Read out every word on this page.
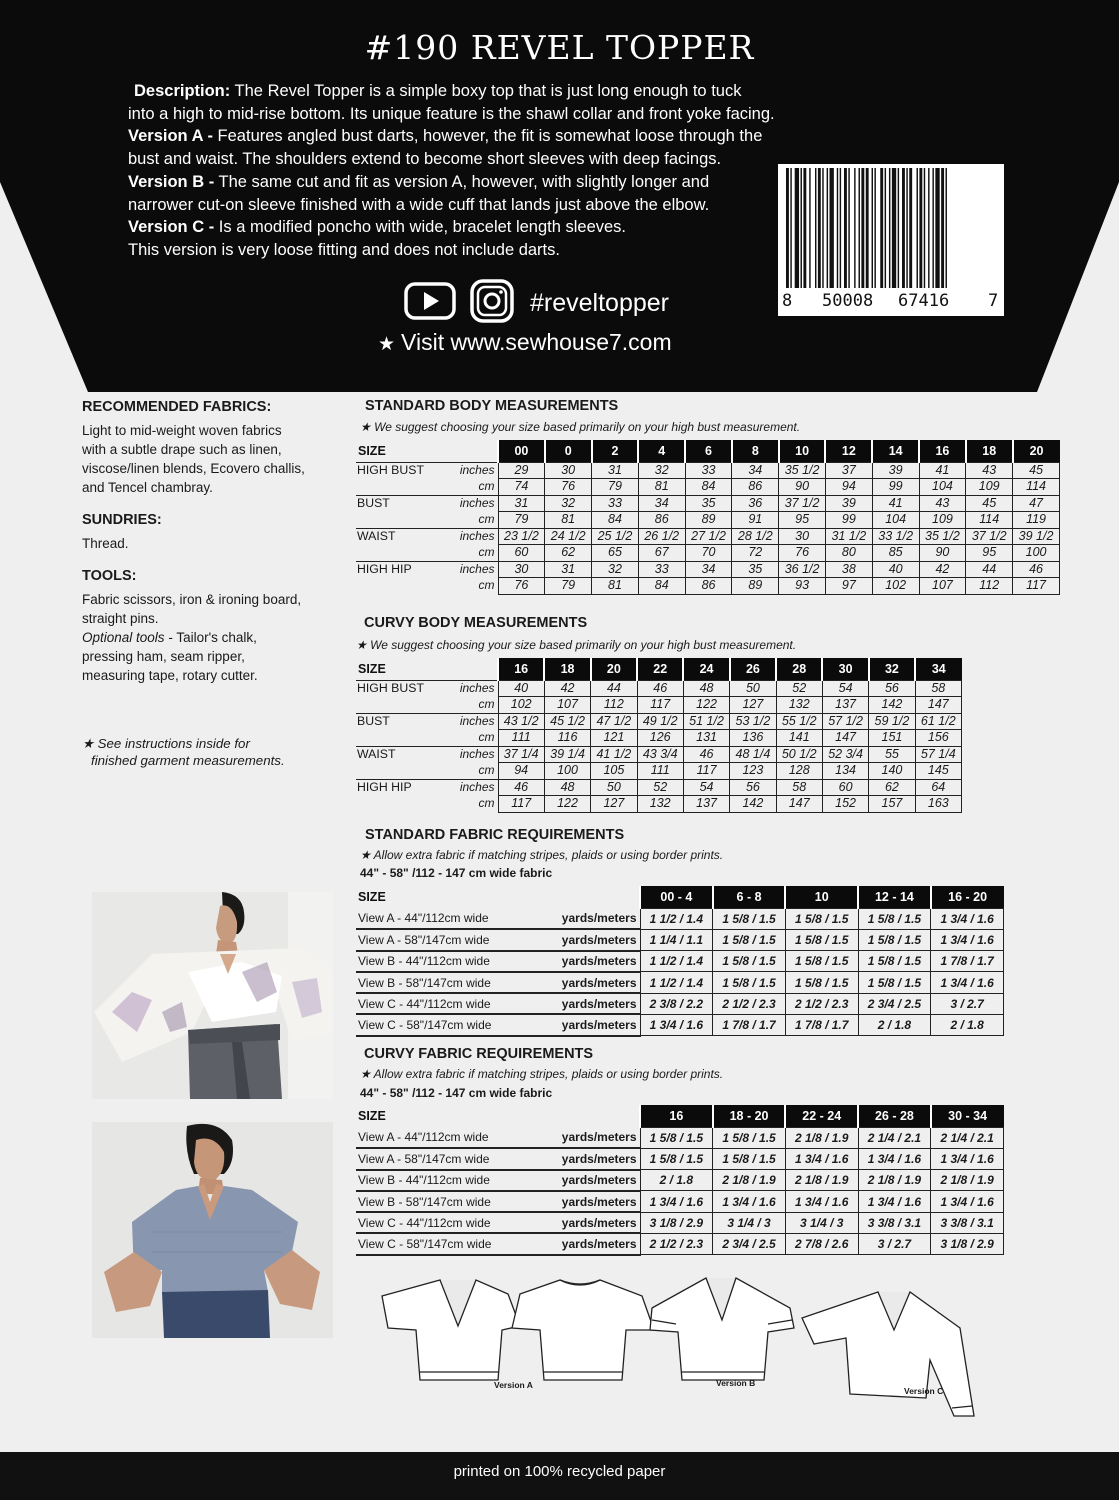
#190 REVEL TOPPER

Description: The Revel Topper is a simple boxy top that is just long enough to tuck

into a high to mid-rise bottom. Its unique feature is the shawl collar and front yoke facing.

Version A - Features angled bust darts, however, the fit is somewhat loose through the

bust and waist. The shoulders extend to become short sleeves with deep facings.

Version B - The same cut and fit as version A, however, with slightly longer and

narrower cut-on sleeve finished with a wide cuff that lands just above the elbow.

Version C - Is a modified poncho with wide, bracelet length sleeves.

This version is very loose fitting and does not include darts.

8 50008 67416 7
#reveltopper
★ Visit www.sewhouse7.com
RECOMMENDED FABRICS:

Light to mid-weight woven fabrics

with a subtle drape such as linen,

viscose/linen blends, Ecovero challis,

and Tencel chambray.

SUNDRIES:

Thread.

TOOLS:

Fabric scissors, iron & ironing board,

straight pins.

Optional tools - Tailor's chalk,

pressing ham, seam ripper,

measuring tape, rotary cutter.

★ See instructions inside for

finished garment measurements.

STANDARD BODY MEASUREMENTS
★ We suggest choosing your size based primarily on your high bust measurement.
SIZE		00	0	2	4	6	8	10	12	14	16	18	20
HIGH BUST	inches	29	30	31	32	33	34	35 1/2	37	39	41	43	45
	cm	74	76	79	81	84	86	90	94	99	104	109	114
BUST	inches	31	32	33	34	35	36	37 1/2	39	41	43	45	47
	cm	79	81	84	86	89	91	95	99	104	109	114	119
WAIST	inches	23 1/2	24 1/2	25 1/2	26 1/2	27 1/2	28 1/2	30	31 1/2	33 1/2	35 1/2	37 1/2	39 1/2
	cm	60	62	65	67	70	72	76	80	85	90	95	100
HIGH HIP	inches	30	31	32	33	34	35	36 1/2	38	40	42	44	46
	cm	76	79	81	84	86	89	93	97	102	107	112	117
CURVY BODY MEASUREMENTS
★ We suggest choosing your size based primarily on your high bust measurement.
SIZE		16	18	20	22	24	26	28	30	32	34
HIGH BUST	inches	40	42	44	46	48	50	52	54	56	58
	cm	102	107	112	117	122	127	132	137	142	147
BUST	inches	43 1/2	45 1/2	47 1/2	49 1/2	51 1/2	53 1/2	55 1/2	57 1/2	59 1/2	61 1/2
	cm	111	116	121	126	131	136	141	147	151	156
WAIST	inches	37 1/4	39 1/4	41 1/2	43 3/4	46	48 1/4	50 1/2	52 3/4	55	57 1/4
	cm	94	100	105	111	117	123	128	134	140	145
HIGH HIP	inches	46	48	50	52	54	56	58	60	62	64
	cm	117	122	127	132	137	142	147	152	157	163
STANDARD FABRIC REQUIREMENTS
★ Allow extra fabric if matching stripes, plaids or using border prints.
44" - 58" /112 - 147 cm wide fabric
SIZE		00 - 4	6 - 8	10	12 - 14	16 - 20
View A - 44"/112cm wide	yards/meters	1 1/2 / 1.4	1 5/8 / 1.5	1 5/8 / 1.5	1 5/8 / 1.5	1 3/4 / 1.6
View A - 58"/147cm wide	yards/meters	1 1/4 / 1.1	1 5/8 / 1.5	1 5/8 / 1.5	1 5/8 / 1.5	1 3/4 / 1.6
View B - 44"/112cm wide	yards/meters	1 1/2 / 1.4	1 5/8 / 1.5	1 5/8 / 1.5	1 5/8 / 1.5	1 7/8 / 1.7
View B - 58"/147cm wide	yards/meters	1 1/2 / 1.4	1 5/8 / 1.5	1 5/8 / 1.5	1 5/8 / 1.5	1 3/4 / 1.6
View C - 44"/112cm wide	yards/meters	2 3/8 / 2.2	2 1/2 / 2.3	2 1/2 / 2.3	2 3/4 / 2.5	3 / 2.7
View C - 58"/147cm wide	yards/meters	1 3/4 / 1.6	1 7/8 / 1.7	1 7/8 / 1.7	2 / 1.8	2 / 1.8
CURVY FABRIC REQUIREMENTS
★ Allow extra fabric if matching stripes, plaids or using border prints.
44" - 58" /112 - 147 cm wide fabric
SIZE		16	18 - 20	22 - 24	26 - 28	30 - 34
View A - 44"/112cm wide	yards/meters	1 5/8 / 1.5	1 5/8 / 1.5	2 1/8 / 1.9	2 1/4 / 2.1	2 1/4 / 2.1
View A - 58"/147cm wide	yards/meters	1 5/8 / 1.5	1 5/8 / 1.5	1 3/4 / 1.6	1 3/4 / 1.6	1 3/4 / 1.6
View B - 44"/112cm wide	yards/meters	2 / 1.8	2 1/8 / 1.9	2 1/8 / 1.9	2 1/8 / 1.9	2 1/8 / 1.9
View B - 58"/147cm wide	yards/meters	1 3/4 / 1.6	1 3/4 / 1.6	1 3/4 / 1.6	1 3/4 / 1.6	1 3/4 / 1.6
View C - 44"/112cm wide	yards/meters	3 1/8 / 2.9	3 1/4 / 3	3 1/4 / 3	3 3/8 / 3.1	3 3/8 / 3.1
View C - 58"/147cm wide	yards/meters	2 1/2 / 2.3	2 3/4 / 2.5	2 7/8 / 2.6	3 / 2.7	3 1/8 / 2.9
Version A	Version B
Version C
printed on 100% recycled paper
